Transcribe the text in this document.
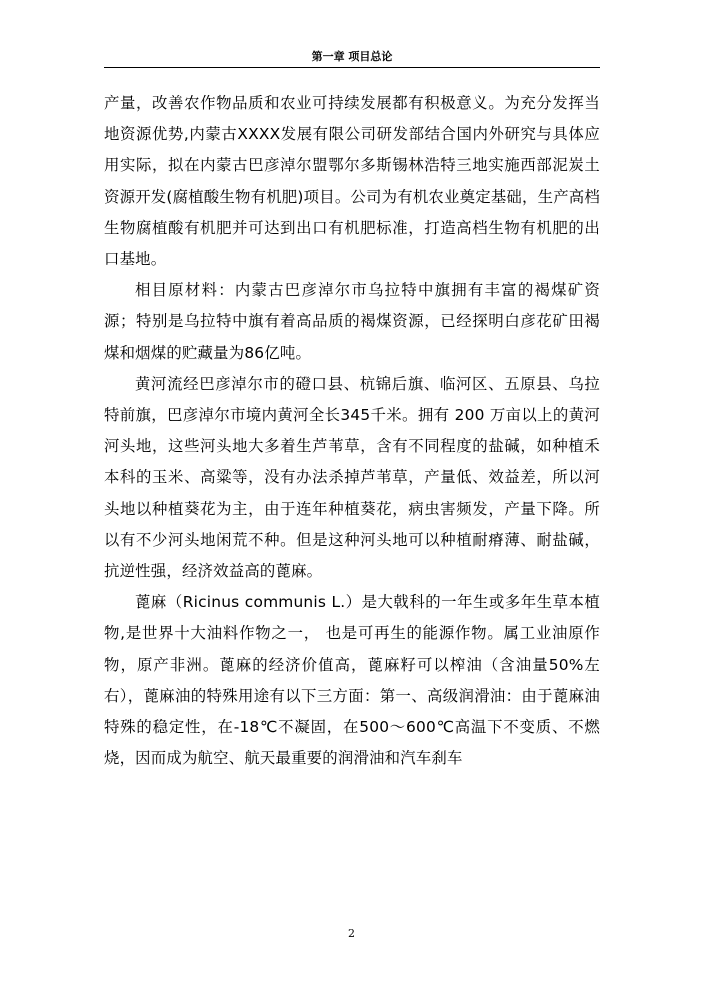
第一章 项目总论

产量，改善农作物品质和农业可持续发展都有积极意义。为充分发挥当地资源优势,内蒙古XXXX发展有限公司研发部结合国内外研究与具体应用实际，拟在内蒙古巴彦淖尔盟鄂尔多斯锡林浩特三地实施西部泥炭土资源开发(腐植酸生物有机肥)项目。公司为有机农业奠定基础，生产高档生物腐植酸有机肥并可达到出口有机肥标准，打造高档生物有机肥的出口基地。

相目原材料：内蒙古巴彦淖尔市乌拉特中旗拥有丰富的褐煤矿资源；特别是乌拉特中旗有着高品质的褐煤资源，已经探明白彦花矿田褐煤和烟煤的贮藏量为86亿吨。

黄河流经巴彦淖尔市的磴口县、杭锦后旗、临河区、五原县、乌拉特前旗，巴彦淖尔市境内黄河全长345千米。拥有 200 万亩以上的黄河河头地，这些河头地大多着生芦苇草，含有不同程度的盐碱，如种植禾本科的玉米、高粱等，没有办法杀掉芦苇草，产量低、效益差，所以河头地以种植葵花为主，由于连年种植葵花，病虫害频发，产量下降。所以有不少河头地闲荒不种。但是这种河头地可以种植耐瘠薄、耐盐碱，抗逆性强，经济效益高的蓖麻。

蓖麻（Ricinus communis L.）是大戟科的一年生或多年生草本植物,是世界十大油料作物之一， 也是可再生的能源作物。属工业油原作物，原产非洲。蓖麻的经济价值高，蓖麻籽可以榨油（含油量50%左右），蓖麻油的特殊用途有以下三方面：第一、高级润滑油：由于蓖麻油特殊的稳定性，在-18℃不凝固，在500～600℃高温下不变质、不燃烧，因而成为航空、航天最重要的润滑油和汽车刹车

2
